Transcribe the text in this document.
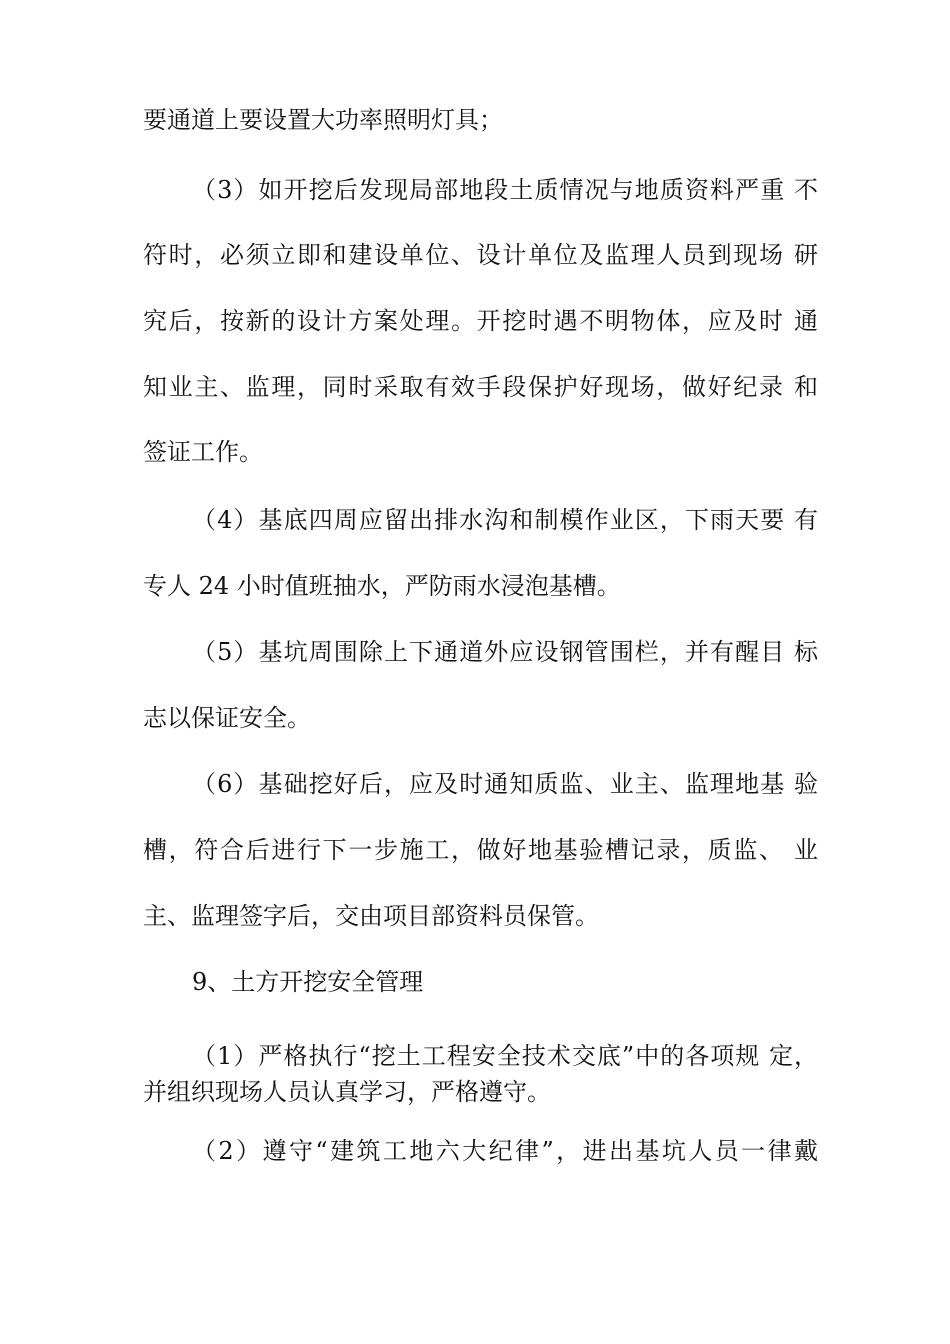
要通道上要设置大功率照明灯具；
（3）如开挖后发现局部地段土质情况与地质资料严重 不
符时，必须立即和建设单位、设计单位及监理人员到现场 研
究后，按新的设计方案处理。开挖时遇不明物体，应及时 通
知业主、监理，同时采取有效手段保护好现场，做好纪录 和
签证工作。
（4）基底四周应留出排水沟和制模作业区，下雨天要 有
专人 24 小时值班抽水，严防雨水浸泡基槽。
（5）基坑周围除上下通道外应设钢管围栏，并有醒目 标
志以保证安全。
（6）基础挖好后，应及时通知质监、业主、监理地基 验
槽，符合后进行下一步施工，做好地基验槽记录，质监、 业
主、监理签字后，交由项目部资料员保管。
9、土方开挖安全管理
（1）严格执行“挖土工程安全技术交底”中的各项规 定，
并组织现场人员认真学习，严格遵守。
（2）遵守“建筑工地六大纪律”，进出基坑人员一律戴
